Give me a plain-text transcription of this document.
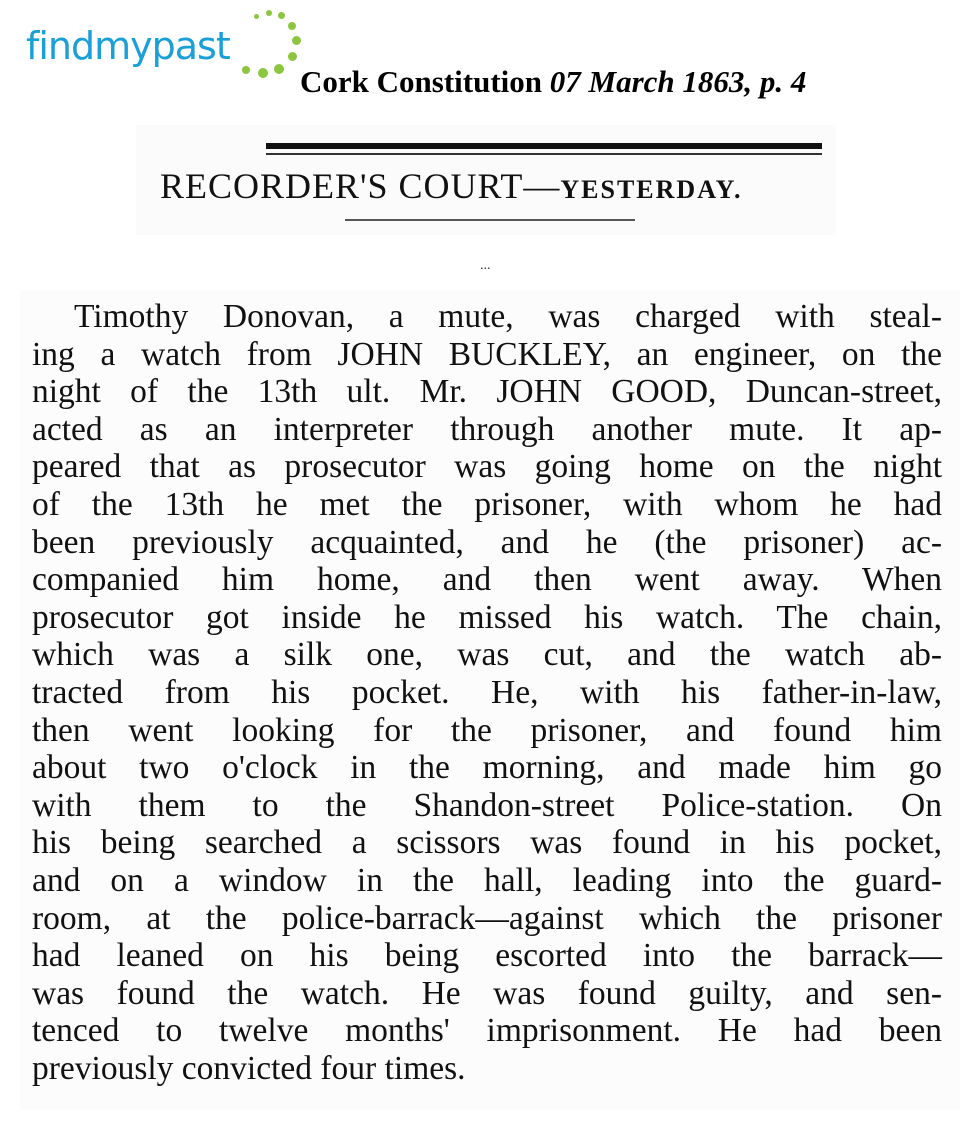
findmypast
Cork Constitution 07 March 1863, p. 4
RECORDER'S COURT—YESTERDAY.
...
Timothy Donovan, a mute, was charged with steal-
ing a watch from JOHN BUCKLEY, an engineer, on the
night of the 13th ult. Mr. JOHN GOOD, Duncan-street,
acted as an interpreter through another mute. It ap-
peared that as prosecutor was going home on the night
of the 13th he met the prisoner, with whom he had
been previously acquainted, and he (the prisoner) ac-
companied him home, and then went away. When
prosecutor got inside he missed his watch. The chain,
which was a silk one, was cut, and the watch ab-
tracted from his pocket. He, with his father-in-law,
then went looking for the prisoner, and found him
about two o'clock in the morning, and made him go
with them to the Shandon-street Police-station. On
his being searched a scissors was found in his pocket,
and on a window in the hall, leading into the guard-
room, at the police-barrack—against which the prisoner
had leaned on his being escorted into the barrack—
was found the watch. He was found guilty, and sen-
tenced to twelve months' imprisonment. He had been
previously convicted four times.
